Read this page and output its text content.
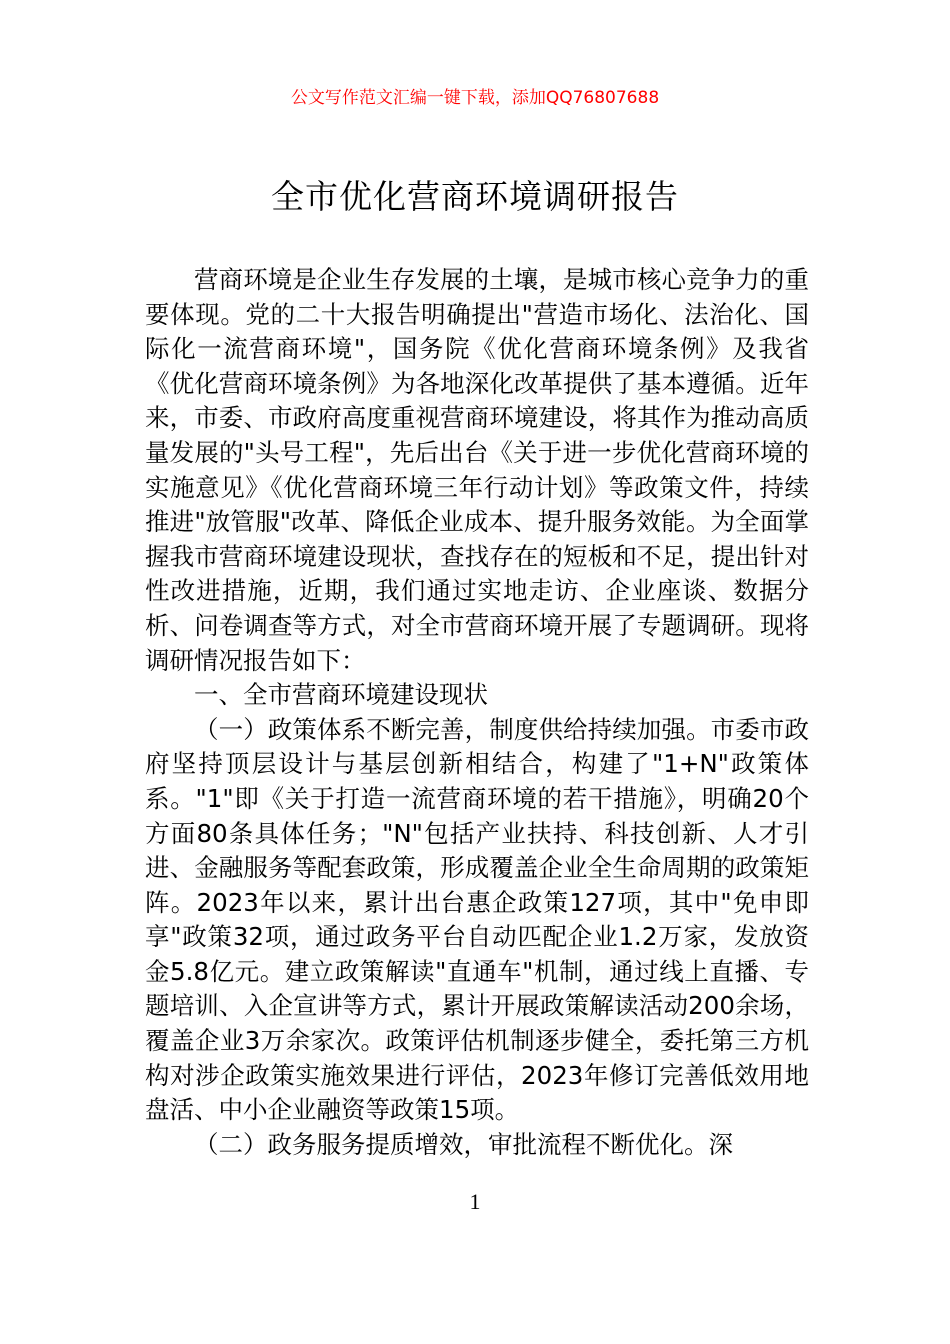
公文写作范文汇编一键下载，添加QQ76807688
全市优化营商环境调研报告

营商环境是企业生存发展的土壤，是城市核心竞争力的重要体现。党的二十大报告明确提出"营造市场化、法治化、国际化一流营商环境"，国务院《优化营商环境条例》及我省《优化营商环境条例》为各地深化改革提供了基本遵循。近年来，市委、市政府高度重视营商环境建设，将其作为推动高质量发展的"头号工程"，先后出台《关于进一步优化营商环境的实施意见》《优化营商环境三年行动计划》等政策文件，持续推进"放管服"改革、降低企业成本、提升服务效能。为全面掌握我市营商环境建设现状，查找存在的短板和不足，提出针对性改进措施，近期，我们通过实地走访、企业座谈、数据分析、问卷调查等方式，对全市营商环境开展了专题调研。现将调研情况报告如下：

一、全市营商环境建设现状

（一）政策体系不断完善，制度供给持续加强。市委市政府坚持顶层设计与基层创新相结合，构建了"1+N"政策体系。"1"即《关于打造一流营商环境的若干措施》，明确20个方面80条具体任务；"N"包括产业扶持、科技创新、人才引进、金融服务等配套政策，形成覆盖企业全生命周期的政策矩阵。2023年以来，累计出台惠企政策127项，其中"免申即享"政策32项，通过政务平台自动匹配企业1.2万家，发放资金5.8亿元。建立政策解读"直通车"机制，通过线上直播、专题培训、入企宣讲等方式，累计开展政策解读活动200余场，覆盖企业3万余家次。政策评估机制逐步健全，委托第三方机构对涉企政策实施效果进行评估，2023年修订完善低效用地盘活、中小企业融资等政策15项。

（二）政务服务提质增效，审批流程不断优化。深

1
